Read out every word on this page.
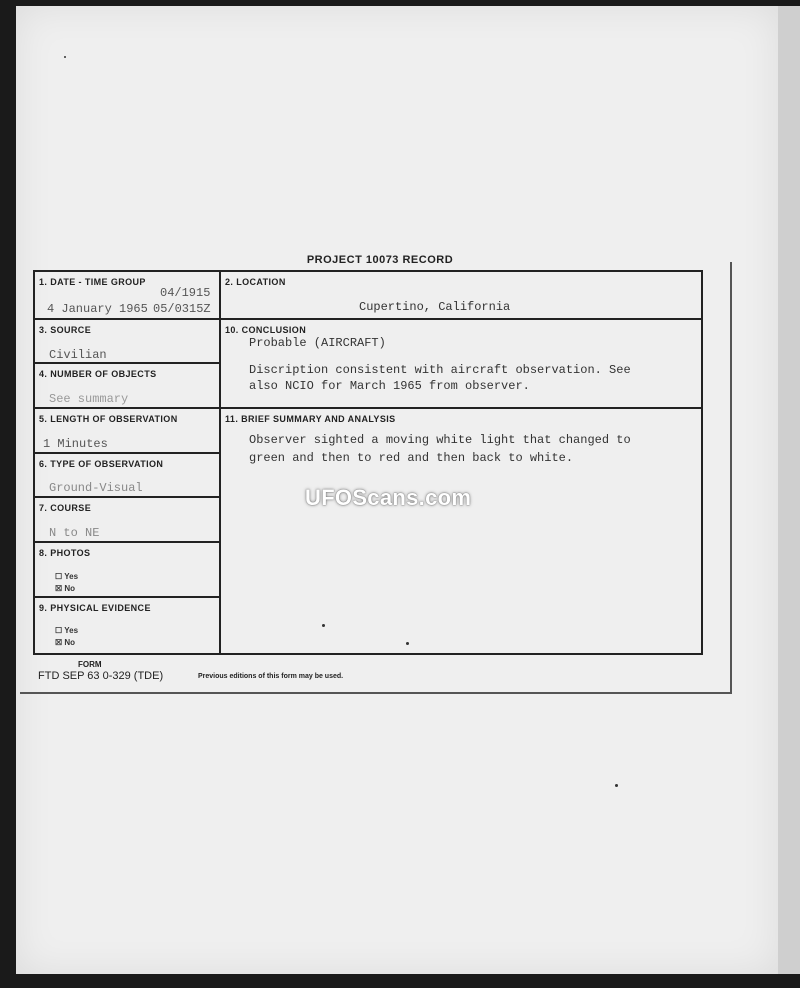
PROJECT 10073 RECORD
1. DATE - TIME GROUP
04/1915
4 January 1965 05/0315Z
3. SOURCE
Civilian
4. NUMBER OF OBJECTS
See summary
5. LENGTH OF OBSERVATION
1 Minutes
6. TYPE OF OBSERVATION
Ground-Visual
7. COURSE
N to NE
8. PHOTOS
☐ Yes
☒ No
9. PHYSICAL EVIDENCE
☐ Yes
☒ No
2. LOCATION
Cupertino, California
10. CONCLUSION
Probable (AIRCRAFT)
Discription consistent with aircraft observation. See
also NCIO for March 1965 from observer.
11. BRIEF SUMMARY AND ANALYSIS
Observer sighted a moving white light that changed to
green and then to red and then back to white.
FORM
FTD SEP 63 0-329 (TDE)	Previous editions of this form may be used.
UFOScans.com
